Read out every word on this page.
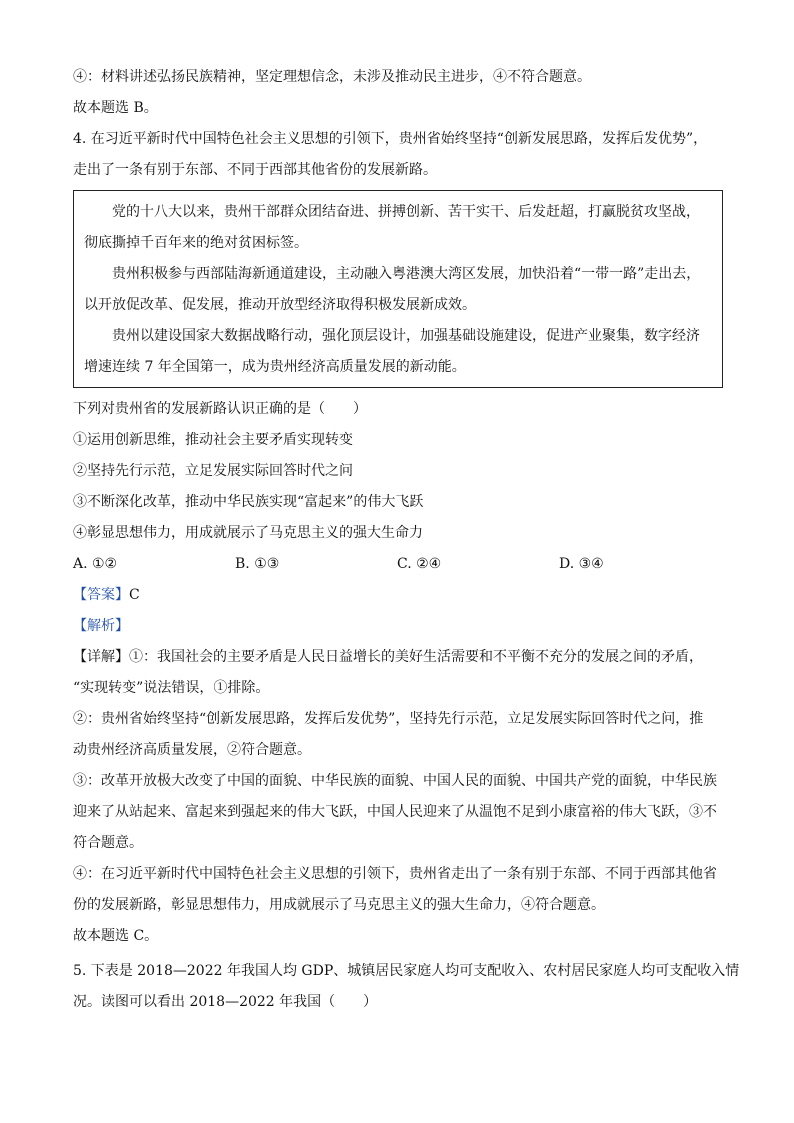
④：材料讲述弘扬民族精神，坚定理想信念，未涉及推动民主进步，④不符合题意。

故本题选 B。

4. 在习近平新时代中国特色社会主义思想的引领下，贵州省始终坚持“创新发展思路，发挥后发优势”，

走出了一条有别于东部、不同于西部其他省份的发展新路。

党的十八大以来，贵州干部群众团结奋进、拼搏创新、苦干实干、后发赶超，打赢脱贫攻坚战，彻底撕掉千百年来的绝对贫困标签。

贵州积极参与西部陆海新通道建设，主动融入粤港澳大湾区发展，加快沿着“一带一路”走出去，以开放促改革、促发展，推动开放型经济取得积极发展新成效。

贵州以建设国家大数据战略行动，强化顶层设计，加强基础设施建设，促进产业聚集，数字经济增速连续 7 年全国第一，成为贵州经济高质量发展的新动能。

下列对贵州省的发展新路认识正确的是（　　）

①运用创新思维，推动社会主要矛盾实现转变

②坚持先行示范，立足发展实际回答时代之问

③不断深化改革，推动中华民族实现“富起来”的伟大飞跃

④彰显思想伟力，用成就展示了马克思主义的强大生命力

A. ①②	B. ①③	C. ②④	D. ③④

【答案】C

【解析】

【详解】①：我国社会的主要矛盾是人民日益增长的美好生活需要和不平衡不充分的发展之间的矛盾，

“实现转变”说法错误，①排除。

②：贵州省始终坚持“创新发展思路，发挥后发优势”，坚持先行示范，立足发展实际回答时代之问，推

动贵州经济高质量发展，②符合题意。

③：改革开放极大改变了中国的面貌、中华民族的面貌、中国人民的面貌、中国共产党的面貌，中华民族

迎来了从站起来、富起来到强起来的伟大飞跃，中国人民迎来了从温饱不足到小康富裕的伟大飞跃，③不

符合题意。

④：在习近平新时代中国特色社会主义思想的引领下，贵州省走出了一条有别于东部、不同于西部其他省

份的发展新路，彰显思想伟力，用成就展示了马克思主义的强大生命力，④符合题意。

故本题选 C。

5. 下表是 2018—2022 年我国人均 GDP、城镇居民家庭人均可支配收入、农村居民家庭人均可支配收入情

况。读图可以看出 2018—2022 年我国（　　）
